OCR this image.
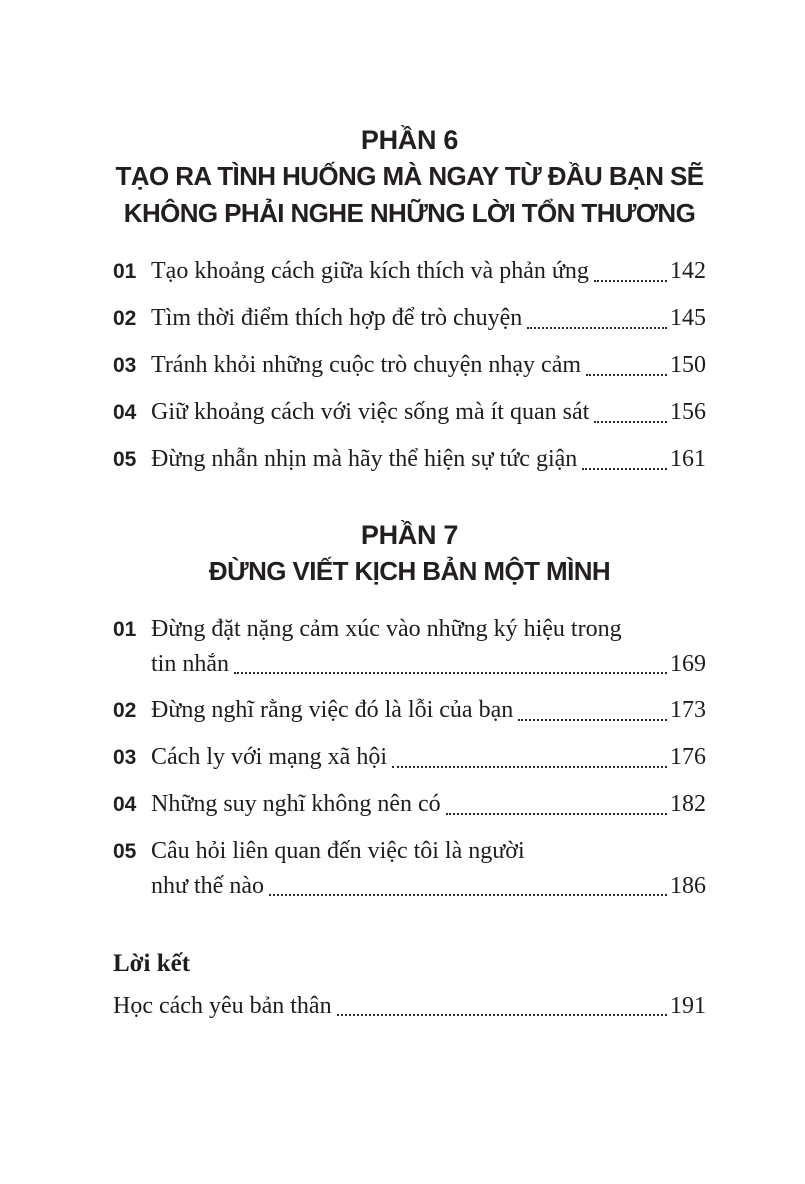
PHẦN 6
TẠO RA TÌNH HUỐNG MÀ NGAY TỪ ĐẦU BẠN SẼ
KHÔNG PHẢI NGHE NHỮNG LỜI TỔN THƯƠNG
01 Tạo khoảng cách giữa kích thích và phản ứng	142
02 Tìm thời điểm thích hợp để trò chuyện	145
03 Tránh khỏi những cuộc trò chuyện nhạy cảm	150
04 Giữ khoảng cách với việc sống mà ít quan sát	156
05 Đừng nhẫn nhịn mà hãy thể hiện sự tức giận	161
PHẦN 7
ĐỪNG VIẾT KỊCH BẢN MỘT MÌNH
01 Đừng đặt nặng cảm xúc vào những ký hiệu trong
tin nhắn	169
02 Đừng nghĩ rằng việc đó là lỗi của bạn	173
03 Cách ly với mạng xã hội	176
04 Những suy nghĩ không nên có	182
05 Câu hỏi liên quan đến việc tôi là người
như thế nào	186
Lời kết
Học cách yêu bản thân	191
